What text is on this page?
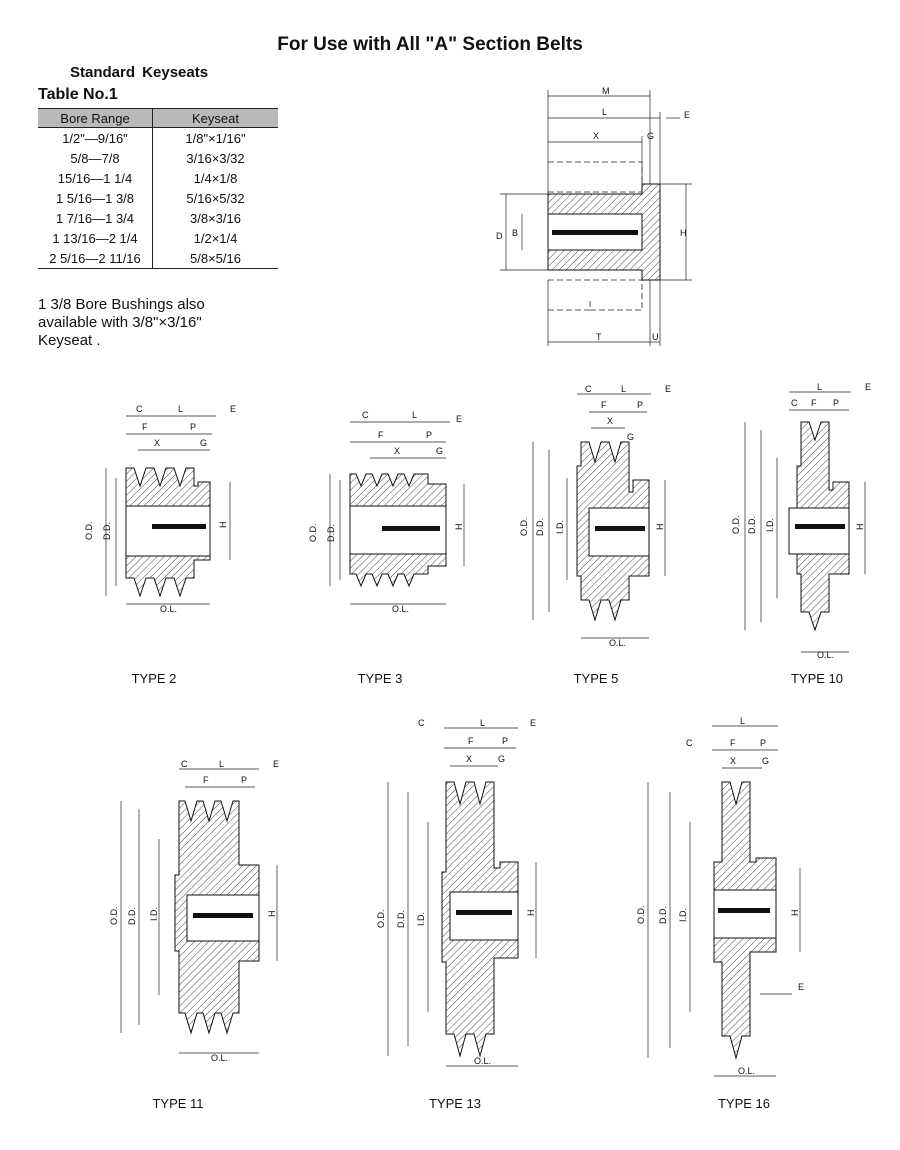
For Use with All "A" Section Belts
Standard Keyseats
Table No.1
Bore Range	Keyseat
1/2"—9/16"	1/8"×1/16"
5/8—7/8	3/16×3/32
15/16—1 1/4	1/4×1/8
1 5/16—1 3/8	5/16×5/32
1 7/16—1 3/4	3/8×3/16
1 13/16—2 1/4	1/2×1/4
2 5/16—2 11/16	5/8×5/16
1 3/8 Bore Bushings also
available with 3/8"×3/16"
Keyseat .
M
L	E
X	G
D B	H
T	U
C	L	E
F	P
X	G
O.D. D.D.	H
O.L.
TYPE 2
C	L	E
F	P
X	G
O.D. D.D.	H
O.L.
TYPE 3
C	L	E
F	P
X
G
O.D. D.D. I.D.	H
O.L.
TYPE 5
L	E
C F P
O.D. D.D. I.D.	H
O.L.
TYPE 10
C	L	E
F	P
O.D. D.D. I.D.	H
O.L.
TYPE 11
C	L	E
F	P
X	G
O.D. D.D. I.D.	H
O.L.
TYPE 13
L
C	F	P
X	G
O.D. D.D. I.D.	H
E
O.L.
TYPE 16
